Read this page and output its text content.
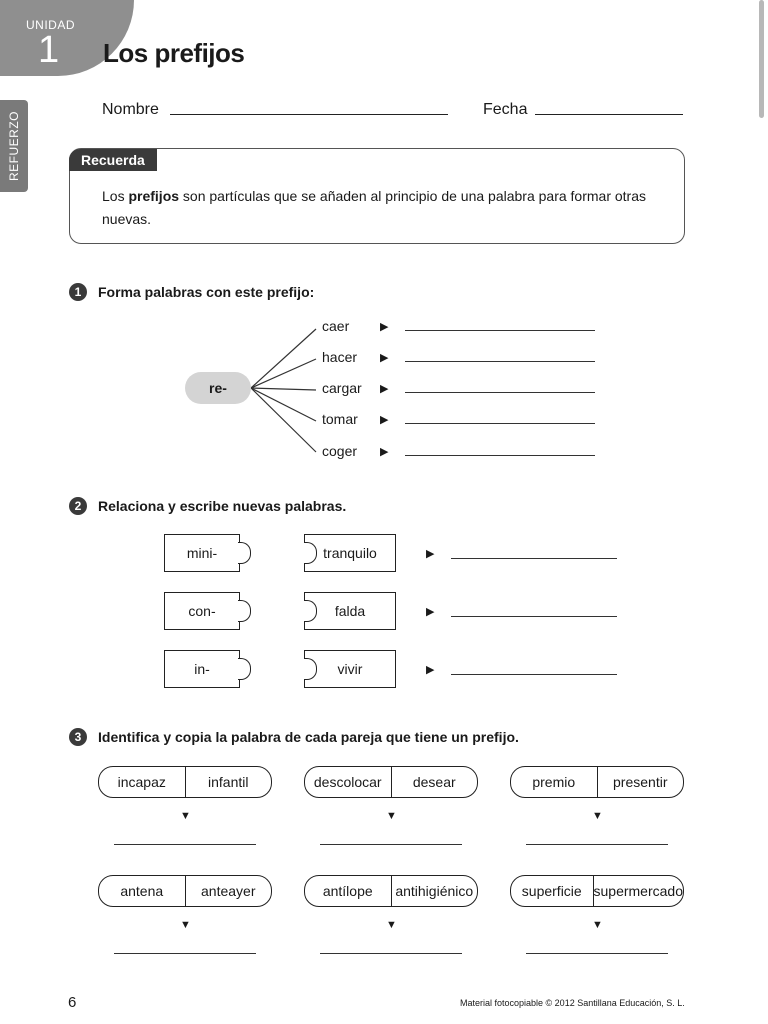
UNIDAD
1 Los prefijos
REFUERZO
Nombre	Fecha
Recuerda
Los prefijos son partículas que se añaden al principio de una palabra para formar otras nuevas.
1	Forma palabras con este prefijo:
re-
caer
hacer
cargar
tomar
coger
▶
▶
▶
▶
▶
2	Relaciona y escribe nuevas palabras.
mini-	tranquilo	▶
con-	falda	▶
in-	vivir	▶
3	Identifica y copia la palabra de cada pareja que tiene un prefijo.
incapaz	infantil	descolocar	desear	premio	presentir
▼	▼	▼
antena	anteayer	antílope	antihigiénico	superficie supermercado
▼	▼	▼
6	Material fotocopiable © 2012 Santillana Educación, S. L.
